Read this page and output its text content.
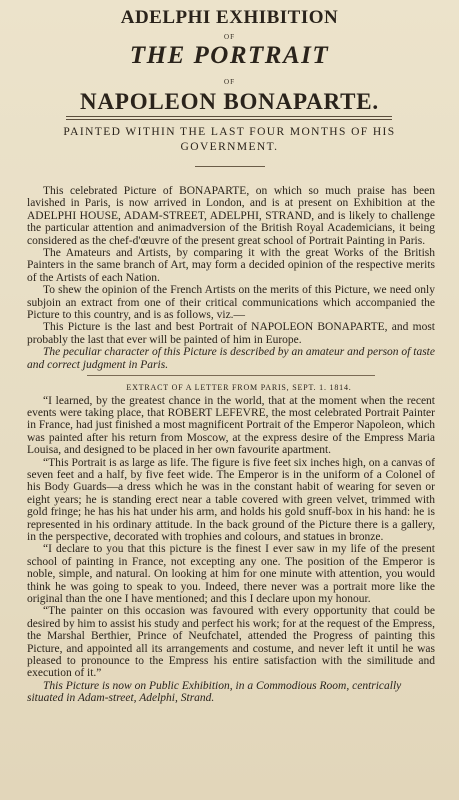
ADELPHI EXHIBITION
OF
THE PORTRAIT
OF
NAPOLEON BONAPARTE.
PAINTED WITHIN THE LAST FOUR MONTHS OF HIS GOVERNMENT.

This celebrated Picture of BONAPARTE, on which so much praise has been lavished in Paris, is now arrived in London, and is at present on Exhibition at the ADELPHI HOUSE, ADAM-STREET, ADELPHI, STRAND, and is likely to challenge the particular attention and animadversion of the British Royal Academicians, it being considered as the chef-d'œuvre of the present great school of Portrait Painting in Paris.

The Amateurs and Artists, by comparing it with the great Works of the British Painters in the same branch of Art, may form a decided opinion of the respective merits of the Artists of each Nation.

To shew the opinion of the French Artists on the merits of this Picture, we need only subjoin an extract from one of their critical communications which accompanied the Picture to this country, and is as follows, viz.—

This Picture is the last and best Portrait of NAPOLEON BONAPARTE, and most probably the last that ever will be painted of him in Europe.

The peculiar character of this Picture is described by an amateur and person of taste and correct judgment in Paris.

EXTRACT OF A LETTER FROM PARIS, SEPT. 1. 1814.

“I learned, by the greatest chance in the world, that at the moment when the recent events were taking place, that ROBERT LEFEVRE, the most celebrated Portrait Painter in France, had just finished a most magnificent Portrait of the Emperor Napoleon, which was painted after his return from Moscow, at the express desire of the Empress Maria Louisa, and designed to be placed in her own favourite apartment.

“This Portrait is as large as life. The figure is five feet six inches high, on a canvas of seven feet and a half, by five feet wide. The Emperor is in the uniform of a Colonel of his Body Guards—a dress which he was in the constant habit of wearing for seven or eight years; he is standing erect near a table covered with green velvet, trimmed with gold fringe; he has his hat under his arm, and holds his gold snuff-box in his hand: he is represented in his ordinary attitude. In the back ground of the Picture there is a gallery, in the perspective, decorated with trophies and colours, and statues in bronze.

“I declare to you that this picture is the finest I ever saw in my life of the present school of painting in France, not excepting any one. The position of the Emperor is noble, simple, and natural. On looking at him for one minute with attention, you would think he was going to speak to you. Indeed, there never was a portrait more like the original than the one I have mentioned; and this I declare upon my honour.

“The painter on this occasion was favoured with every opportunity that could be desired by him to assist his study and perfect his work; for at the request of the Empress, the Marshal Berthier, Prince of Neufchatel, attended the Progress of painting this Picture, and appointed all its arrangements and costume, and never left it until he was pleased to pronounce to the Empress his entire satisfaction with the similitude and execution of it.”

This Picture is now on Public Exhibition, in a Commodious Room, centrically situated in Adam-street, Adelphi, Strand.
